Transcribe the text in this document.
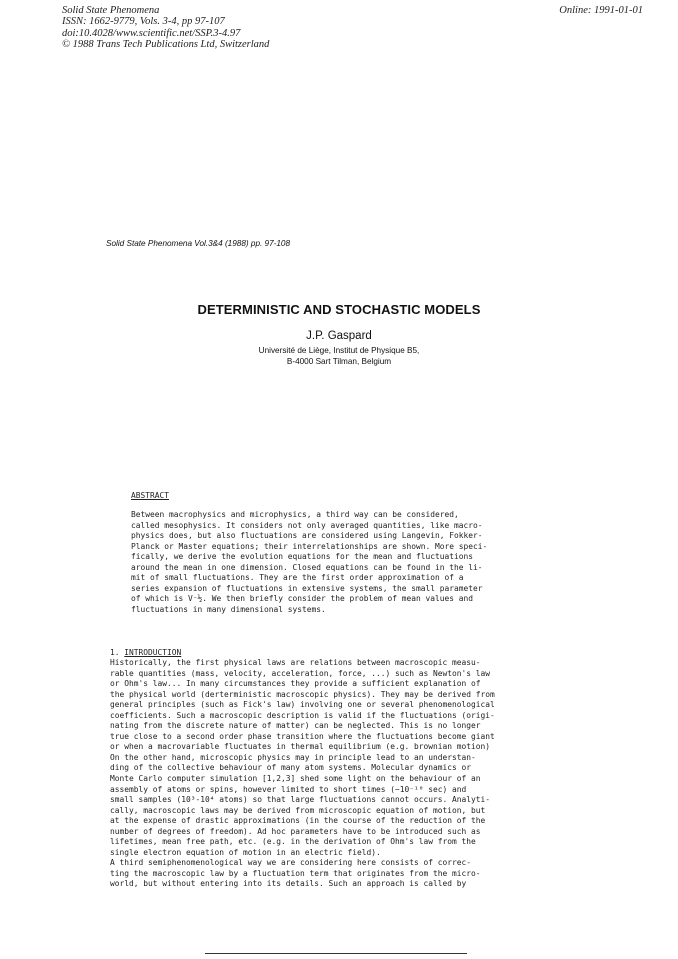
Solid State Phenomena
ISSN: 1662-9779, Vols. 3-4, pp 97-107
doi:10.4028/www.scientific.net/SSP.3-4.97
© 1988 Trans Tech Publications Ltd, Switzerland
Online: 1991-01-01
Solid State Phenomena Vol.3&4 (1988) pp. 97-108
DETERMINISTIC AND STOCHASTIC MODELS
J.P. Gaspard
Université de Liège, Institut de Physique B5,
B-4000 Sart Tilman, Belgium
ABSTRACT
Between macrophysics and microphysics, a third way can be considered,
called mesophysics. It considers not only averaged quantities, like macro-
physics does, but also fluctuations are considered using Langevin, Fokker-
Planck or Master equations; their interrelationships are shown. More speci-
fically, we derive the evolution equations for the mean and fluctuations
around the mean in one dimension. Closed equations can be found in the li-
mit of small fluctuations. They are the first order approximation of a
series expansion of fluctuations in extensive systems, the small parameter
of which is V⁻½. We then briefly consider the problem of mean values and
fluctuations in many dimensional systems.
1. INTRODUCTION
Historically, the first physical laws are relations between macroscopic measu-
rable quantities (mass, velocity, acceleration, force, ...) such as Newton's law
or Ohm's law... In many circumstances they provide a sufficient explanation of
the physical world (derterministic macroscopic physics). They may be derived from
general principles (such as Fick's law) involving one or several phenomenological
coefficients. Such a macroscopic description is valid if the fluctuations (origi-
nating from the discrete nature of matter) can be neglected. This is no longer
true close to a second order phase transition where the fluctuations become giant
or when a macrovariable fluctuates in thermal equilibrium (e.g. brownian motion)
On the other hand, microscopic physics may in principle lead to an understan-
ding of the collective behaviour of many atom systems. Molecular dynamics or
Monte Carlo computer simulation [1,2,3] shed some light on the behaviour of an
assembly of atoms or spins, however limited to short times (~10⁻¹⁰ sec) and
small samples (10³-10⁴ atoms) so that large fluctuations cannot occurs. Analyti-
cally, macroscopic laws may be derived from microscopic equation of motion, but
at the expense of drastic approximations (in the course of the reduction of the
number of degrees of freedom). Ad hoc parameters have to be introduced such as
lifetimes, mean free path, etc. (e.g. in the derivation of Ohm's law from the
single electron equation of motion in an electric field).
A third semiphenomenological way we are considering here consists of correc-
ting the macroscopic law by a fluctuation term that originates from the micro-
world, but without entering into its details. Such an approach is called by
